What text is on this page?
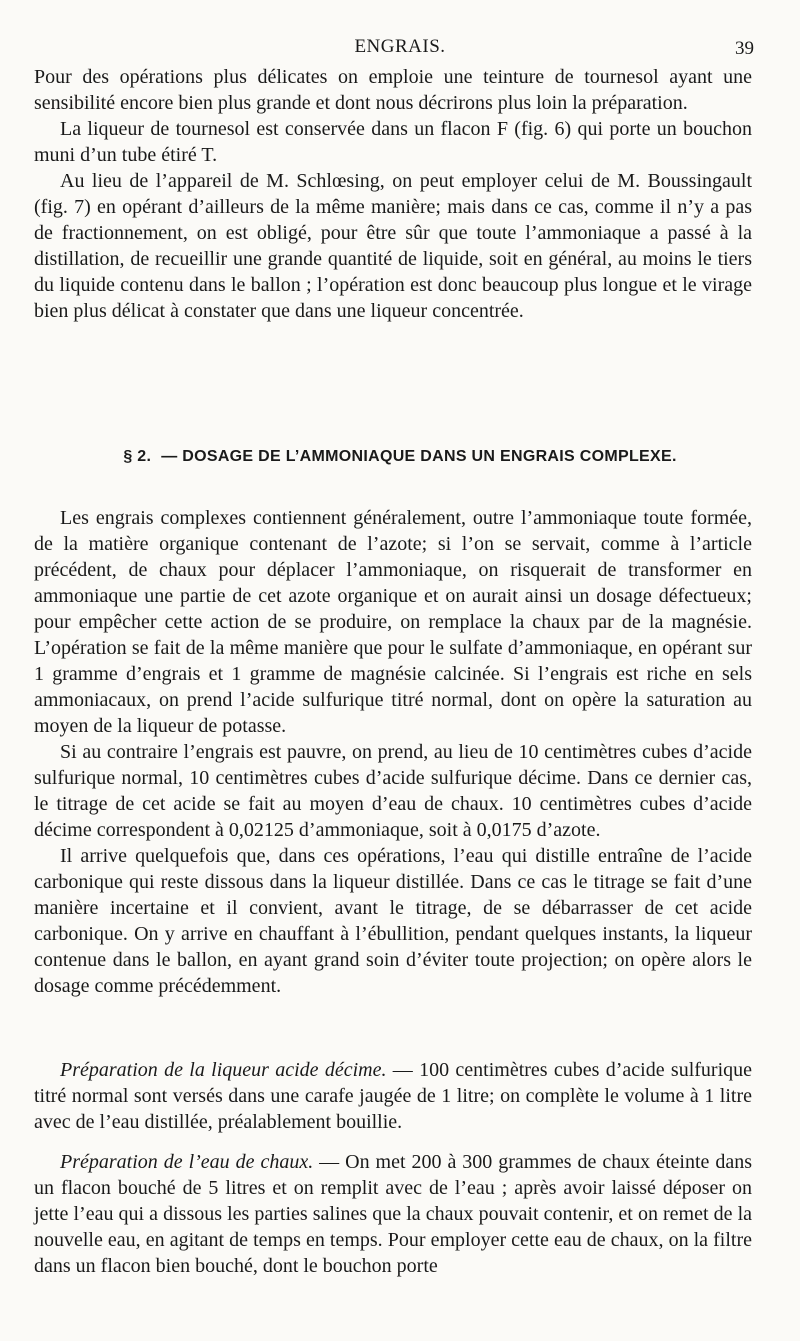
ENGRAIS.	39

Pour des opérations plus délicates on emploie une teinture de tournesol ayant une sensibilité encore bien plus grande et dont nous décrirons plus loin la préparation.

La liqueur de tournesol est conservée dans un flacon F (fig. 6) qui porte un bouchon muni d’un tube étiré T.

Au lieu de l’appareil de M. Schlœsing, on peut employer celui de M. Boussingault (fig. 7) en opérant d’ailleurs de la même manière; mais dans ce cas, comme il n’y a pas de fractionnement, on est obligé, pour être sûr que toute l’ammoniaque a passé à la distillation, de recueillir une grande quantité de liquide, soit en général, au moins le tiers du liquide contenu dans le ballon ; l’opération est donc beaucoup plus longue et le virage bien plus délicat à constater que dans une liqueur concentrée.

§ 2. — DOSAGE DE L’AMMONIAQUE DANS UN ENGRAIS COMPLEXE.

Les engrais complexes contiennent généralement, outre l’ammoniaque toute formée, de la matière organique contenant de l’azote; si l’on se servait, comme à l’article précédent, de chaux pour déplacer l’ammoniaque, on risquerait de transformer en ammoniaque une partie de cet azote organique et on aurait ainsi un dosage défectueux; pour empêcher cette action de se produire, on remplace la chaux par de la magnésie. L’opération se fait de la même manière que pour le sulfate d’ammoniaque, en opérant sur 1 gramme d’engrais et 1 gramme de magnésie calcinée. Si l’engrais est riche en sels ammoniacaux, on prend l’acide sulfurique titré normal, dont on opère la saturation au moyen de la liqueur de potasse.

Si au contraire l’engrais est pauvre, on prend, au lieu de 10 centimètres cubes d’acide sulfurique normal, 10 centimètres cubes d’acide sulfurique décime. Dans ce dernier cas, le titrage de cet acide se fait au moyen d’eau de chaux. 10 centimètres cubes d’acide décime correspondent à 0,02125 d’ammoniaque, soit à 0,0175 d’azote.

Il arrive quelquefois que, dans ces opérations, l’eau qui distille entraîne de l’acide carbonique qui reste dissous dans la liqueur distillée. Dans ce cas le titrage se fait d’une manière incertaine et il convient, avant le titrage, de se débarrasser de cet acide carbonique. On y arrive en chauffant à l’ébullition, pendant quelques instants, la liqueur contenue dans le ballon, en ayant grand soin d’éviter toute projection; on opère alors le dosage comme précédemment.

Préparation de la liqueur acide décime. — 100 centimètres cubes d’acide sulfurique titré normal sont versés dans une carafe jaugée de 1 litre; on complète le volume à 1 litre avec de l’eau distillée, préalablement bouillie.

Préparation de l’eau de chaux. — On met 200 à 300 grammes de chaux éteinte dans un flacon bouché de 5 litres et on remplit avec de l’eau ; après avoir laissé déposer on jette l’eau qui a dissous les parties salines que la chaux pouvait contenir, et on remet de la nouvelle eau, en agitant de temps en temps. Pour employer cette eau de chaux, on la filtre dans un flacon bien bouché, dont le bouchon porte
